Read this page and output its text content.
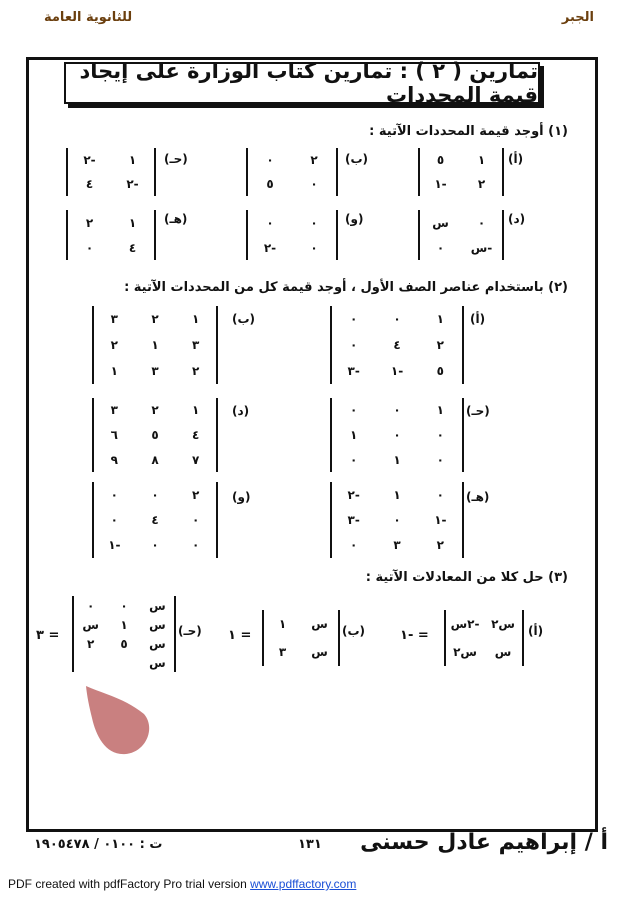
الجبر
للثانوية العامة
تمارين ( ٢ ) : تمارين كتاب الوزارة على إيجاد قيمة المحددات
(١) أوجد قيمة المحددات الآتية :
(أ)
١
٥
٢
-١
(ب)
٢
٠
٠
٥
(حـ)
١
-٢
-٢
٤
(د)
٠
س
-س
٠
(و)
٠
٠
٠
-٢
(هـ)
١
٢
٤
٠
(٢) باستخدام عناصر الصف الأول ، أوجد قيمة كل من المحددات الآتية :
(أ)
١
٠
٠
٢
٤
٠
٥
-١
-٣
(ب)
١
٢
٣
٣
١
٢
٢
٣
١
(حـ)
١
٠
٠
٠
٠
١
٠
١
٠
(د)
١
٢
٣
٤
٥
٦
٧
٨
٩
(هـ)
٠
١
-٢
-١
٠
-٣
٢
٣
٠
(و)
٢
٠
٠
٠
٤
٠
٠
٠
-١
(٣) حل كلا من المعادلات الآتية :
(أ)
س٢
-٢س
س
س٢
= -١
(ب)
س
١
س
٣
= ١
(حـ)
س
٠
٠
س
١
س
س
٥
٢
س
= ٣
أ / إبراهيم عادل حسنى
١٣١
ت : ٠١٠٠ / ١٩٠٥٤٧٨
PDF created with pdfFactory Pro trial version www.pdffactory.com
